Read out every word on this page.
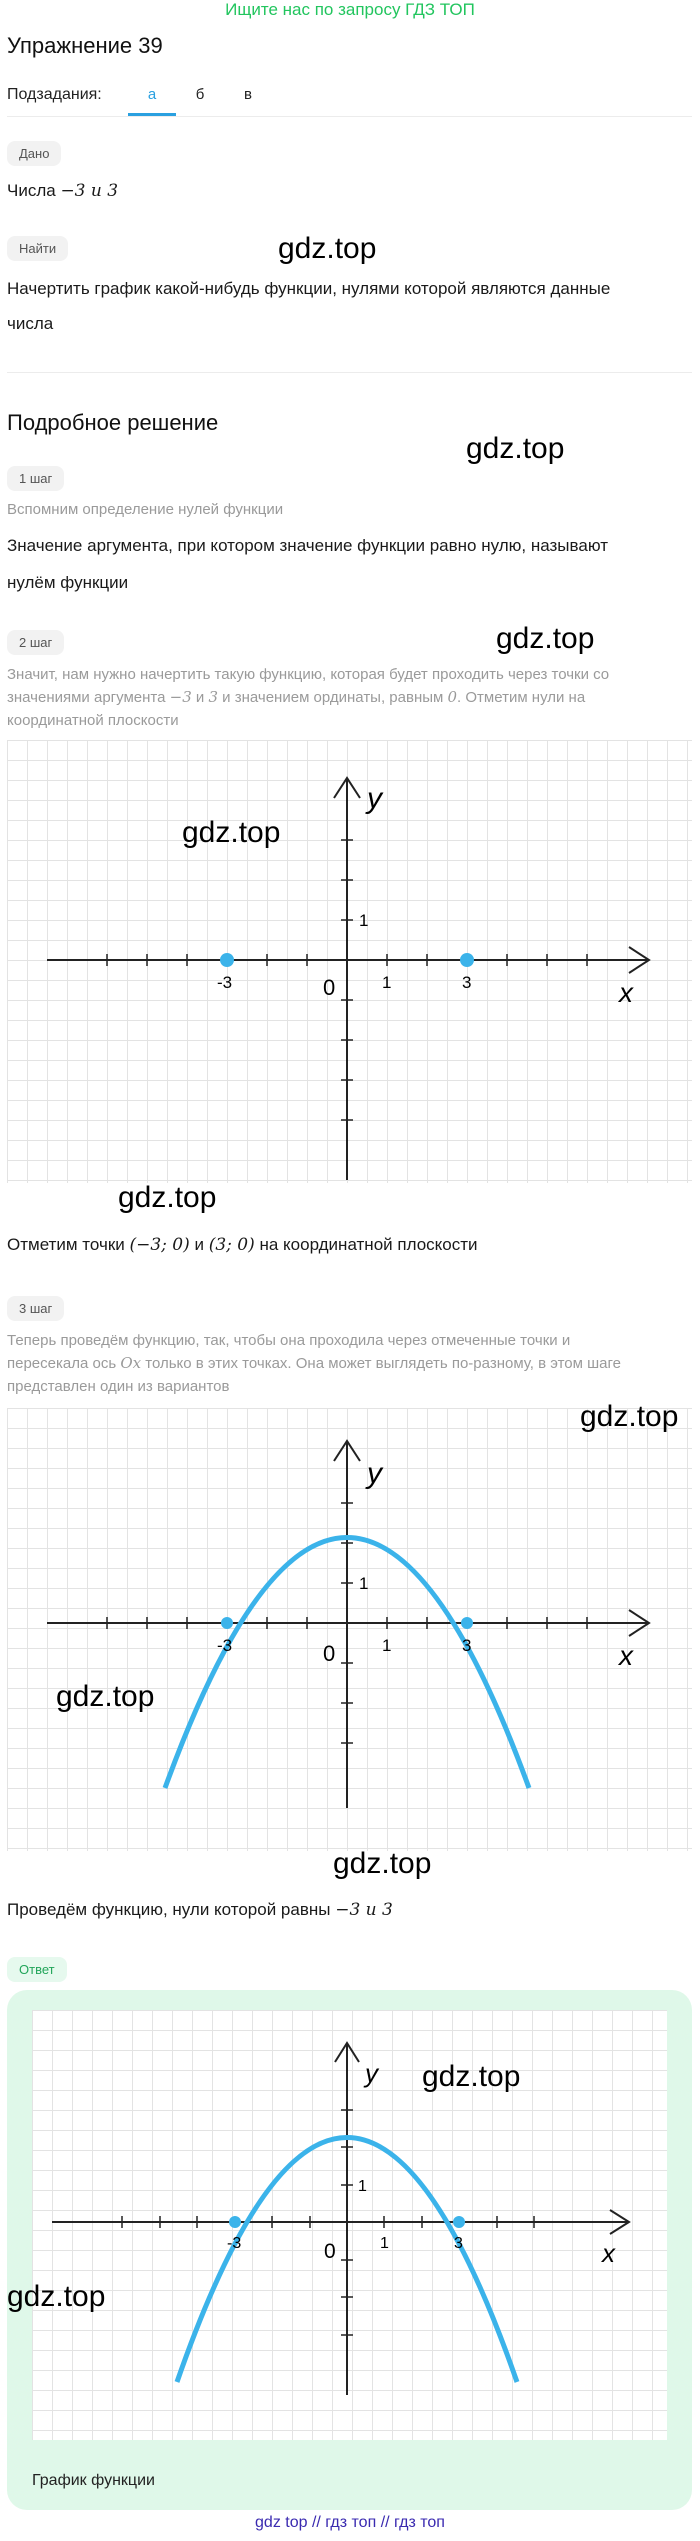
Ищите нас по запросу ГДЗ ТОП
Упражнение 39
Подзадания:	а	б	в
Дано
Числа −3 и 3
Найти
Начертить график какой-нибудь функции, нулями которой являются данные
числа
Подробное решение
1 шаг
Вспомним определение нулей функции
Значение аргумента, при котором значение функции равно нулю, называют
нулём функции
2 шаг
Значит, нам нужно начертить такую функцию, которая будет проходить через точки со
значениями аргумента −3 и 3 и значением ординаты, равным 0. Отметим нули на
координатной плоскости
y
x
0	1
1
-3	3
Отметим точки (−3; 0) и (3; 0) на координатной плоскости
3 шаг
Теперь проведём функцию, так, чтобы она проходила через отмеченные точки и
пересекала ось Ox только в этих точках. Она может выглядеть по-разному, в этом шаге
представлен один из вариантов
y
x
0	1
1
-3	3
Проведём функцию, нули которой равны −3 и 3
Ответ
y
x
0	1
1
-3	3
График функции
gdz.top
gdz.top
gdz.top
gdz.top
gdz.top
gdz.top
gdz.top
gdz.top
gdz.top
gdz.top
gdz top // гдз топ // гдз топ
